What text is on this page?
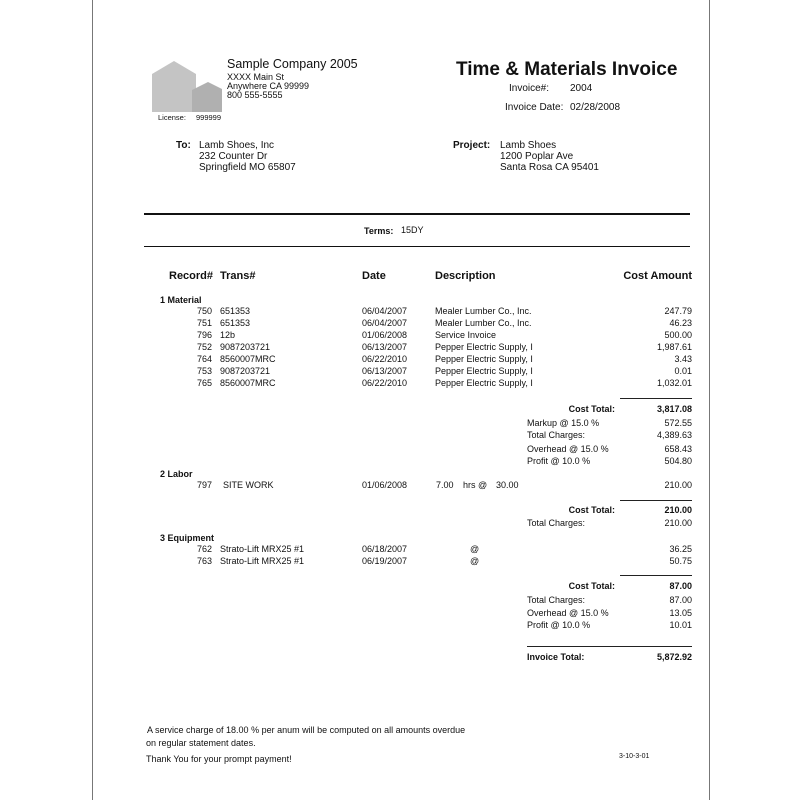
Sample Company 2005
XXXX Main St
Anywhere CA 99999
800 555-5555
License: 999999
Time & Materials Invoice
Invoice#: 2004
Invoice Date: 02/28/2008
To: Lamb Shoes, Inc
232 Counter Dr
Springfield MO 65807
Project: Lamb Shoes
1200 Poplar Ave
Santa Rosa CA 95401
Terms: 15DY
Record# Trans#	Date	Description	Cost Amount
1 Material
750 651353	06/04/2007	Mealer Lumber Co., Inc.	247.79
751 651353	06/04/2007	Mealer Lumber Co., Inc.	46.23
796 12b	01/06/2008	Service Invoice	500.00
752 9087203721	06/13/2007	Pepper Electric Supply, I	1,987.61
764 8560007MRC	06/22/2010	Pepper Electric Supply, I	3.43
753 9087203721	06/13/2007	Pepper Electric Supply, I	0.01
765 8560007MRC	06/22/2010	Pepper Electric Supply, I	1,032.01
Cost Total:	3,817.08
Markup @ 15.0 %	572.55
Total Charges:	4,389.63
Overhead @ 15.0 %	658.43
Profit @ 10.0 %	504.80
2 Labor
797 SITE WORK	01/06/2008	7.00 hrs @ 30.00	210.00
Cost Total:	210.00
Total Charges:	210.00
3 Equipment
762 Strato-Lift MRX25 #1	06/18/2007	@	36.25
763 Strato-Lift MRX25 #1	06/19/2007	@	50.75
Cost Total:	87.00
Total Charges:	87.00
Overhead @ 15.0 %	13.05
Profit @ 10.0 %	10.01
Invoice Total:	5,872.92
A service charge of 18.00 % per anum will be computed on all amounts overdue
on regular statement dates.
Thank You for your prompt payment!	3-10-3-01
